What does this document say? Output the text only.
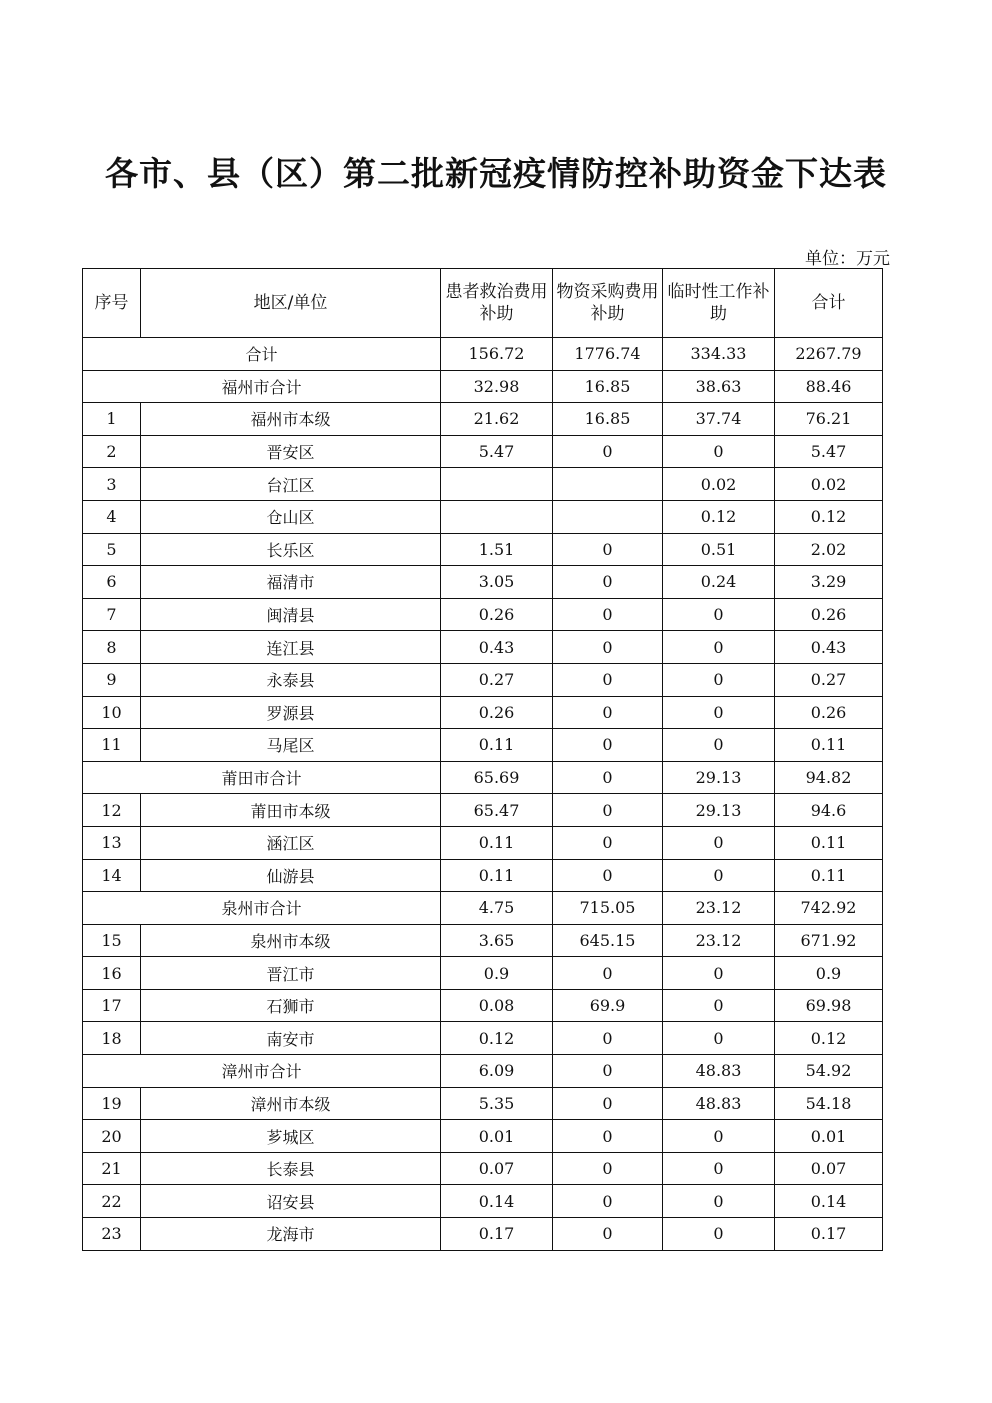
各市、县（区）第二批新冠疫情防控补助资金下达表
单位：万元
序号	地区/单位	患者救治费用补助	物资采购费用补助	临时性工作补助	合计
合计		156.72	1776.74	334.33	2267.79
福州市合计		32.98	16.85	38.63	88.46
1	福州市本级	21.62	16.85	37.74	76.21
2	晋安区	5.47	0	0	5.47
3	台江区			0.02	0.02
4	仓山区			0.12	0.12
5	长乐区	1.51	0	0.51	2.02
6	福清市	3.05	0	0.24	3.29
7	闽清县	0.26	0	0	0.26
8	连江县	0.43	0	0	0.43
9	永泰县	0.27	0	0	0.27
10	罗源县	0.26	0	0	0.26
11	马尾区	0.11	0	0	0.11
莆田市合计		65.69	0	29.13	94.82
12	莆田市本级	65.47	0	29.13	94.6
13	涵江区	0.11	0	0	0.11
14	仙游县	0.11	0	0	0.11
泉州市合计		4.75	715.05	23.12	742.92
15	泉州市本级	3.65	645.15	23.12	671.92
16	晋江市	0.9	0	0	0.9
17	石狮市	0.08	69.9	0	69.98
18	南安市	0.12	0	0	0.12
漳州市合计		6.09	0	48.83	54.92
19	漳州市本级	5.35	0	48.83	54.18
20	芗城区	0.01	0	0	0.01
21	长泰县	0.07	0	0	0.07
22	诏安县	0.14	0	0	0.14
23	龙海市	0.17	0	0	0.17
